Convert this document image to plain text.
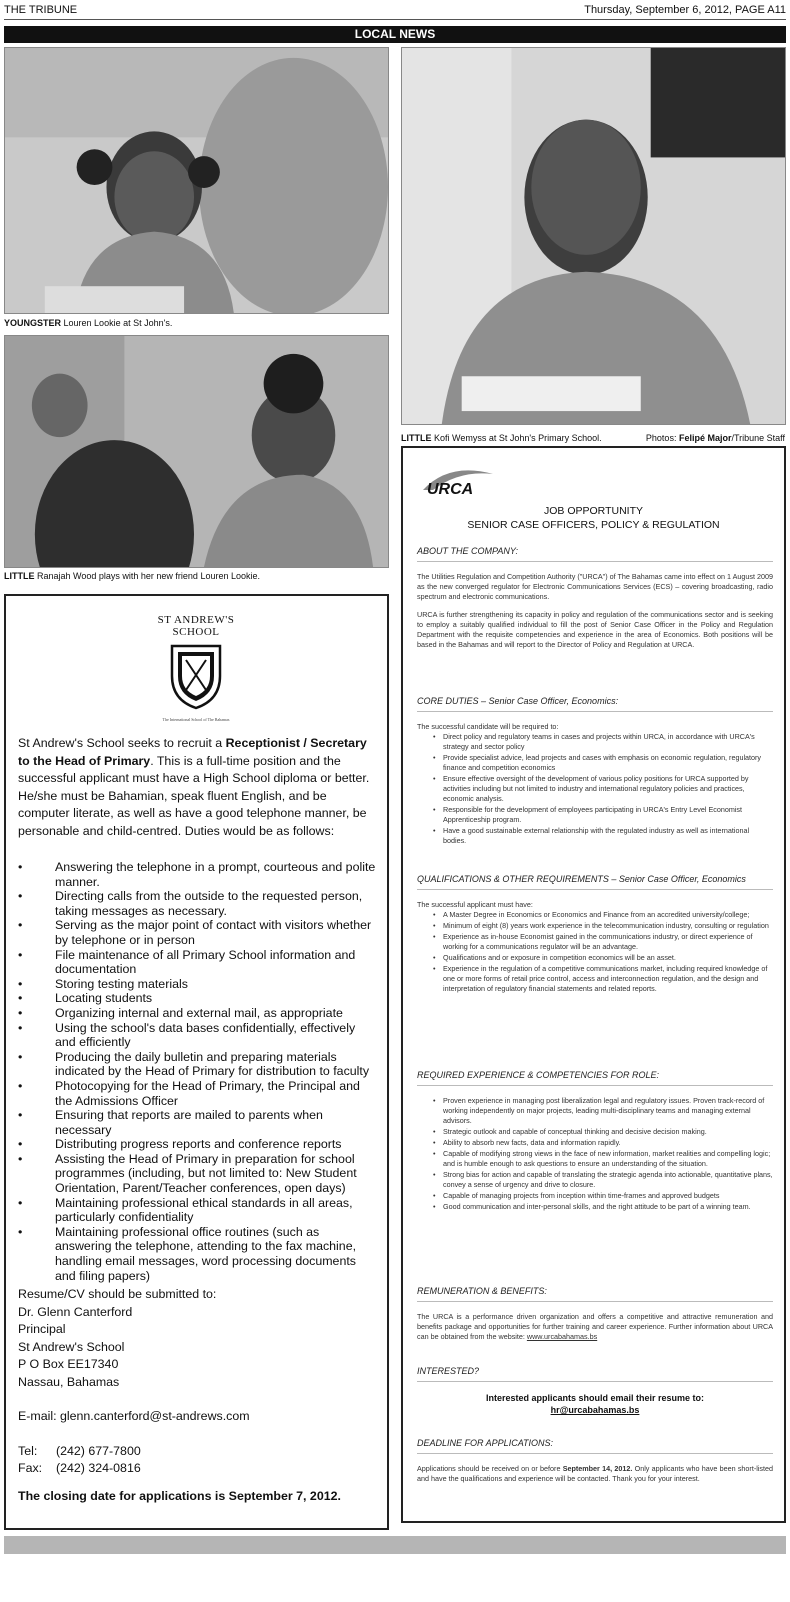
THE TRIBUNE	Thursday, September 6, 2012, PAGE A11
LOCAL NEWS
YOUNGSTER Louren Lookie at St John's.
LITTLE Ranajah Wood plays with her new friend Louren Lookie.
LITTLE Kofi Wemyss at St John's Primary School.	Photos: Felipé Major/Tribune Staff
ST ANDREW'S
SCHOOL
The International School of The Bahamas

St Andrew's School seeks to recruit a Receptionist / Secretary to the Head of Primary. This is a full-time position and the successful applicant must have a High School diploma or better. He/she must be Bahamian, speak fluent English, and be computer literate, as well as have a good telephone manner, be personable and child-centred. Duties would be as follows:

• Answering the telephone in a prompt, courteous and polite manner.
• Directing calls from the outside to the requested person, taking messages as necessary.
• Serving as the major point of contact with visitors whether by telephone or in person
• File maintenance of all Primary School information and documentation
• Storing testing materials
• Locating students
• Organizing internal and external mail, as appropriate
• Using the school's data bases confidentially, effectively and efficiently
• Producing the daily bulletin and preparing materials indicated by the Head of Primary for distribution to faculty
• Photocopying for the Head of Primary, the Principal and the Admissions Officer
• Ensuring that reports are mailed to parents when necessary
• Distributing progress reports and conference reports
• Assisting the Head of Primary in preparation for school programmes (including, but not limited to: New Student Orientation, Parent/Teacher conferences, open days)
• Maintaining professional ethical standards in all areas, particularly confidentiality
• Maintaining professional office routines (such as answering the telephone, attending to the fax machine, handling email messages, word processing documents and filing papers)
Resume/CV should be submitted to:
Dr. Glenn Canterford
Principal
St Andrew's School
P O Box EE17340
Nassau, Bahamas
E-mail: glenn.canterford@st-andrews.com
Tel:	(242) 677-7800
Fax:	(242) 324-0816
The closing date for applications is September 7, 2012.
URCA
JOB OPPORTUNITY
SENIOR CASE OFFICERS, POLICY & REGULATION
ABOUT THE COMPANY:

The Utilities Regulation and Competition Authority ("URCA") of The Bahamas came into effect on 1 August 2009 as the new converged regulator for Electronic Communications Services (ECS) – covering broadcasting, radio spectrum and electronic communications.

URCA is further strengthening its capacity in policy and regulation of the communications sector and is seeking to employ a suitably qualified individual to fill the post of Senior Case Officer in the Policy and Regulation Department with the requisite competencies and experience in the area of Economics. Both positions will be based in the Bahamas and will report to the Director of Policy and Regulation at URCA.

CORE DUTIES – Senior Case Officer, Economics:
The successful candidate will be required to:
• Direct policy and regulatory teams in cases and projects within URCA, in accordance with URCA's strategy and sector policy
• Provide specialist advice, lead projects and cases with emphasis on economic regulation, regulatory finance and competition economics
• Ensure effective oversight of the development of various policy positions for URCA supported by activities including but not limited to industry and international regulatory policies and practices, economic analysis.
• Responsible for the development of employees participating in URCA's Entry Level Economist Apprenticeship program.
• Have a good sustainable external relationship with the regulated industry as well as international bodies.
QUALIFICATIONS & OTHER REQUIREMENTS – Senior Case Officer, Economics
The successful applicant must have:
• A Master Degree in Economics or Economics and Finance from an accredited university/college;
• Minimum of eight (8) years work experience in the telecommunication industry, consulting or regulation
• Experience as in-house Economist gained in the communications industry, or direct experience of working for a communications regulator will be an advantage.
• Qualifications and or exposure in competition economics will be an asset.
• Experience in the regulation of a competitive communications market, including required knowledge of one or more forms of retail price control, access and interconnection regulation, and the design and interpretation of regulatory financial statements and related reports.
REQUIRED EXPERIENCE & COMPETENCIES FOR ROLE:
• Proven experience in managing post liberalization legal and regulatory issues. Proven track-record of working independently on major projects, leading multi-disciplinary teams and managing external advisors.
• Strategic outlook and capable of conceptual thinking and decisive decision making.
• Ability to absorb new facts, data and information rapidly.
• Capable of modifying strong views in the face of new information, market realities and compelling logic; and is humble enough to ask questions to ensure an understanding of the situation.
• Strong bias for action and capable of translating the strategic agenda into actionable, quantitative plans, convey a sense of urgency and drive to closure.
• Capable of managing projects from inception within time-frames and approved budgets
• Good communication and inter-personal skills, and the right attitude to be part of a winning team.
REMUNERATION & BENEFITS:

The URCA is a performance driven organization and offers a competitive and attractive remuneration and benefits package and opportunities for further training and career experience. Further information about URCA can be obtained from the website: www.urcabahamas.bs

INTERESTED?
Interested applicants should email their resume to:
hr@urcabahamas.bs
DEADLINE FOR APPLICATIONS:

Applications should be received on or before September 14, 2012. Only applicants who have been short-listed and have the qualifications and experience will be contacted. Thank you for your interest.
